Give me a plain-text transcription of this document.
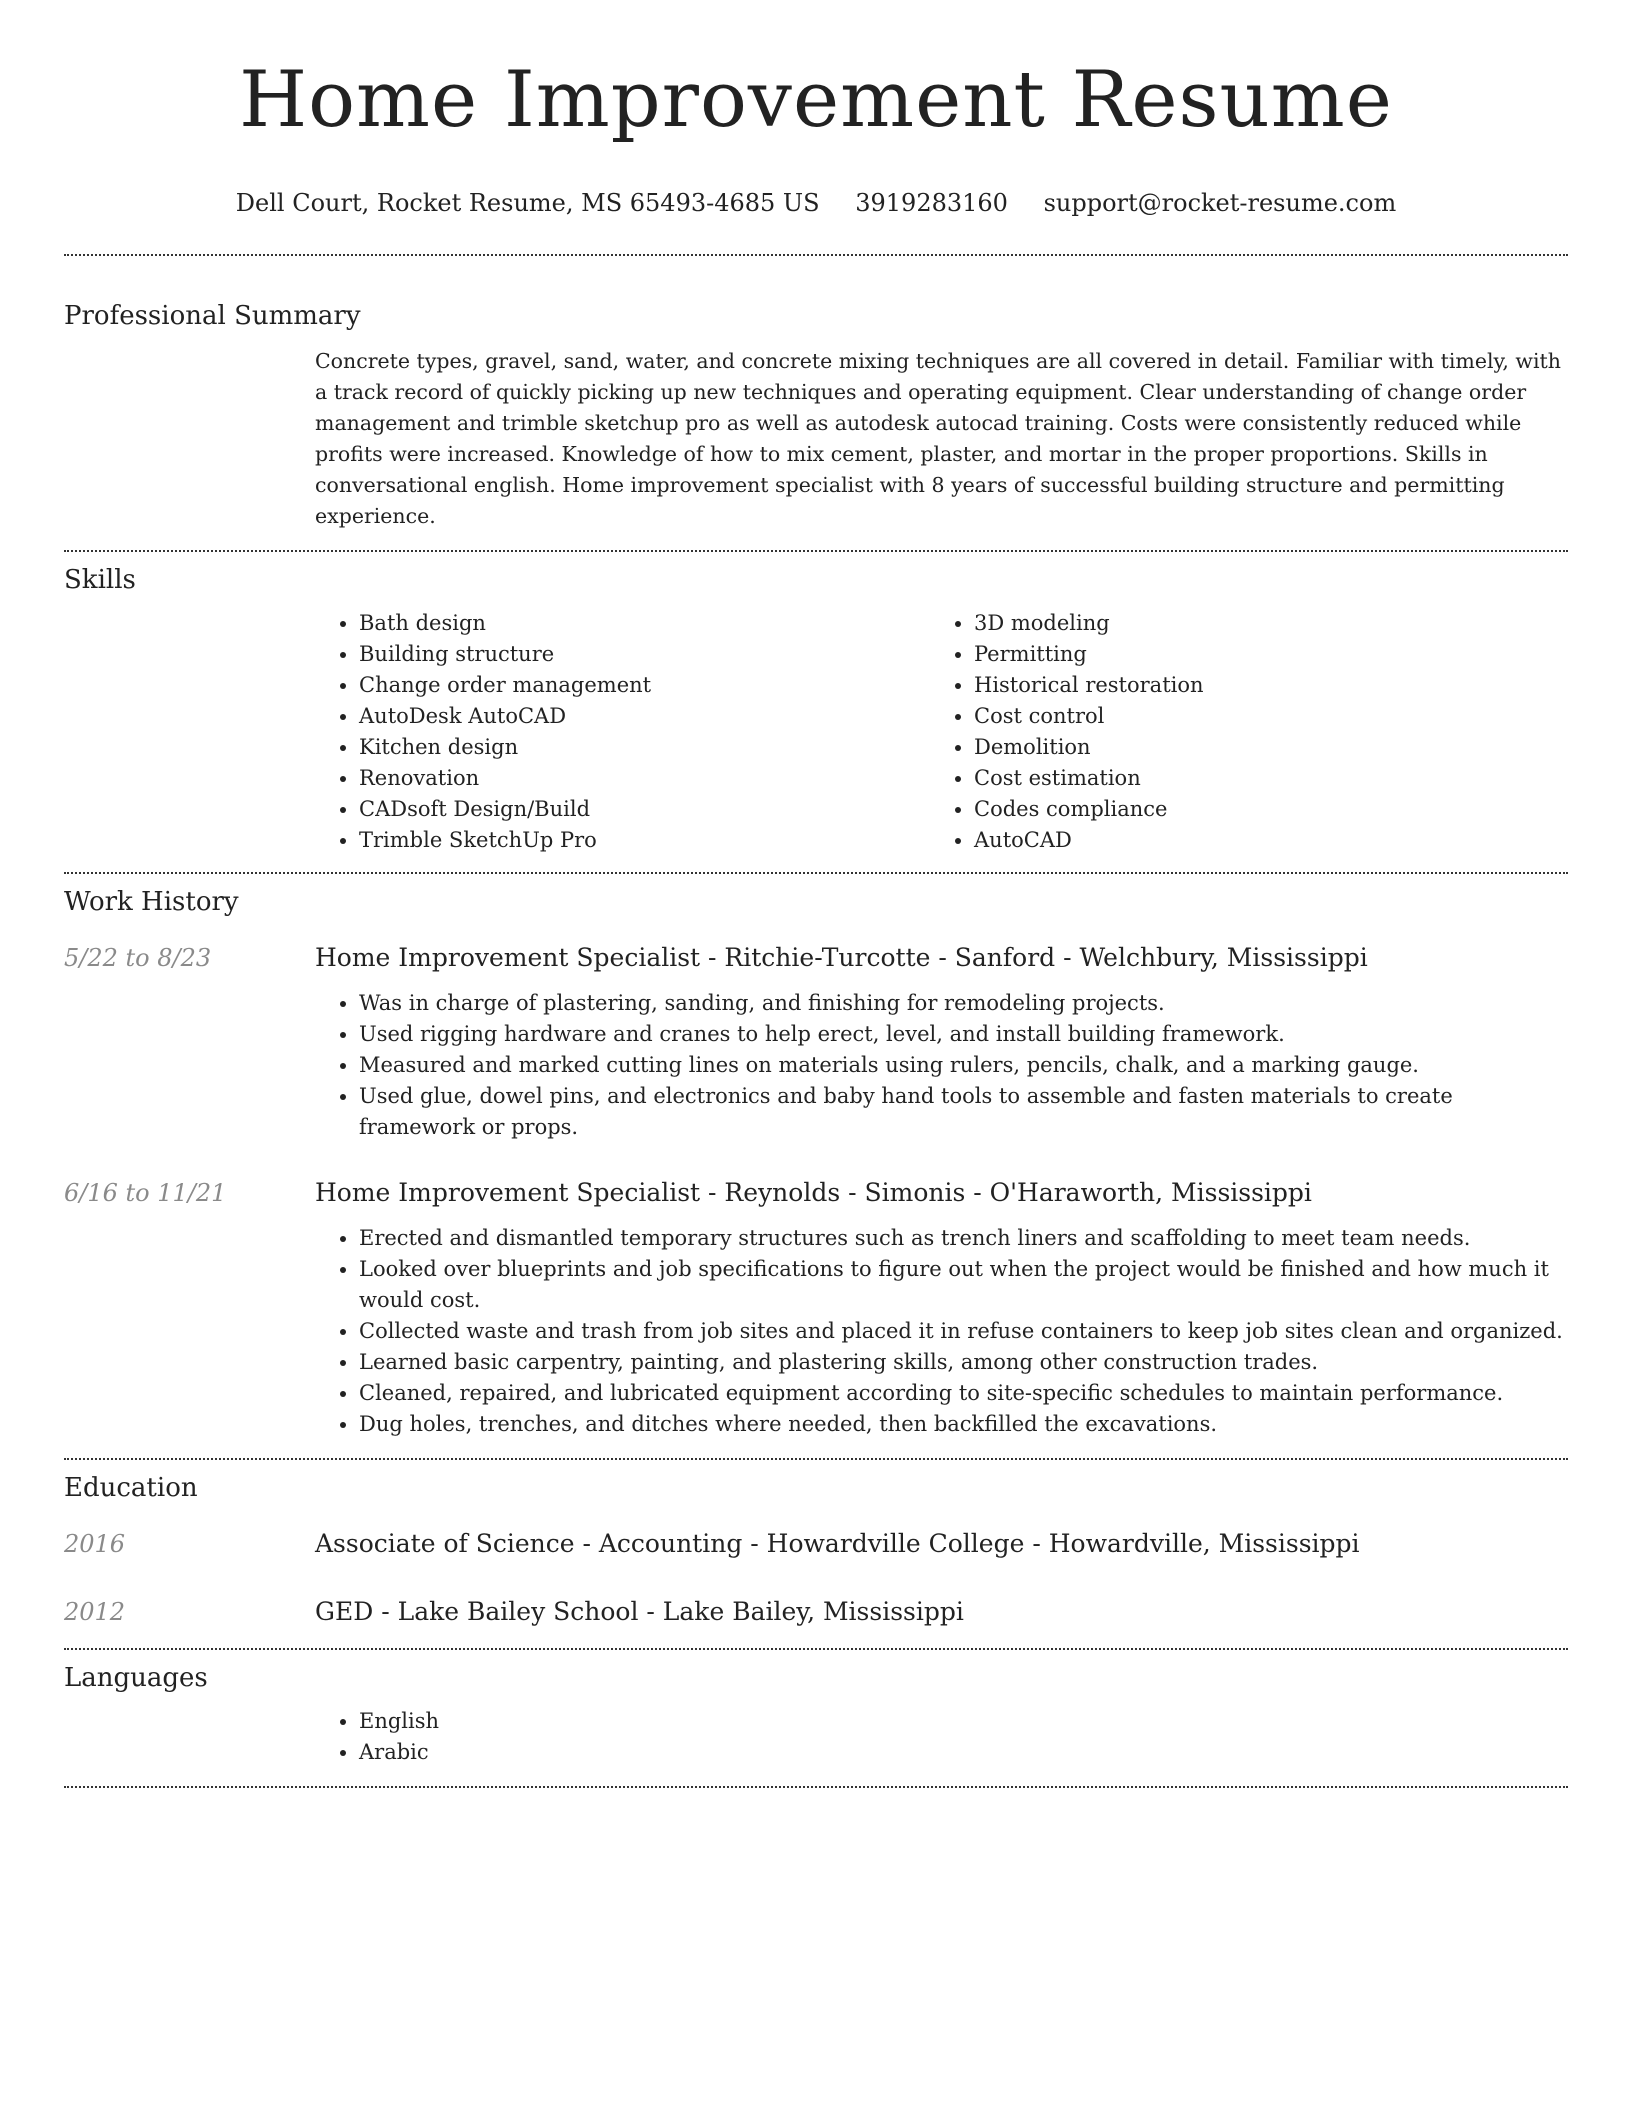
Home Improvement Resume
Dell Court, Rocket Resume, MS 65493-4685 US 3919283160 support@rocket-resume.com
Professional Summary

Concrete types, gravel, sand, water, and concrete mixing techniques are all covered in detail. Familiar with timely, with a track record of quickly picking up new techniques and operating equipment. Clear understanding of change order management and trimble sketchup pro as well as autodesk autocad training. Costs were consistently reduced while profits were increased. Knowledge of how to mix cement, plaster, and mortar in the proper proportions. Skills in conversational english. Home improvement specialist with 8 years of successful building structure and permitting experience.

Skills
• Bath design
• Building structure
• Change order management
• AutoDesk AutoCAD
• Kitchen design
• Renovation
• CADsoft Design/Build
• Trimble SketchUp Pro
• 3D modeling
• Permitting
• Historical restoration
• Cost control
• Demolition
• Cost estimation
• Codes compliance
• AutoCAD
Work History
5/22 to 8/23	Home Improvement Specialist - Ritchie-Turcotte - Sanford - Welchbury, Mississippi
• Was in charge of plastering, sanding, and finishing for remodeling projects.
• Used rigging hardware and cranes to help erect, level, and install building framework.
• Measured and marked cutting lines on materials using rulers, pencils, chalk, and a marking gauge.
• Used glue, dowel pins, and electronics and baby hand tools to assemble and fasten materials to create framework or props.
6/16 to 11/21	Home Improvement Specialist - Reynolds - Simonis - O'Haraworth, Mississippi
• Erected and dismantled temporary structures such as trench liners and scaffolding to meet team needs.
• Looked over blueprints and job specifications to figure out when the project would be finished and how much it would cost.
• Collected waste and trash from job sites and placed it in refuse containers to keep job sites clean and organized.
• Learned basic carpentry, painting, and plastering skills, among other construction trades.
• Cleaned, repaired, and lubricated equipment according to site-specific schedules to maintain performance.
• Dug holes, trenches, and ditches where needed, then backfilled the excavations.
Education
2016	Associate of Science - Accounting - Howardville College - Howardville, Mississippi
2012	GED - Lake Bailey School - Lake Bailey, Mississippi
Languages
• English
• Arabic
